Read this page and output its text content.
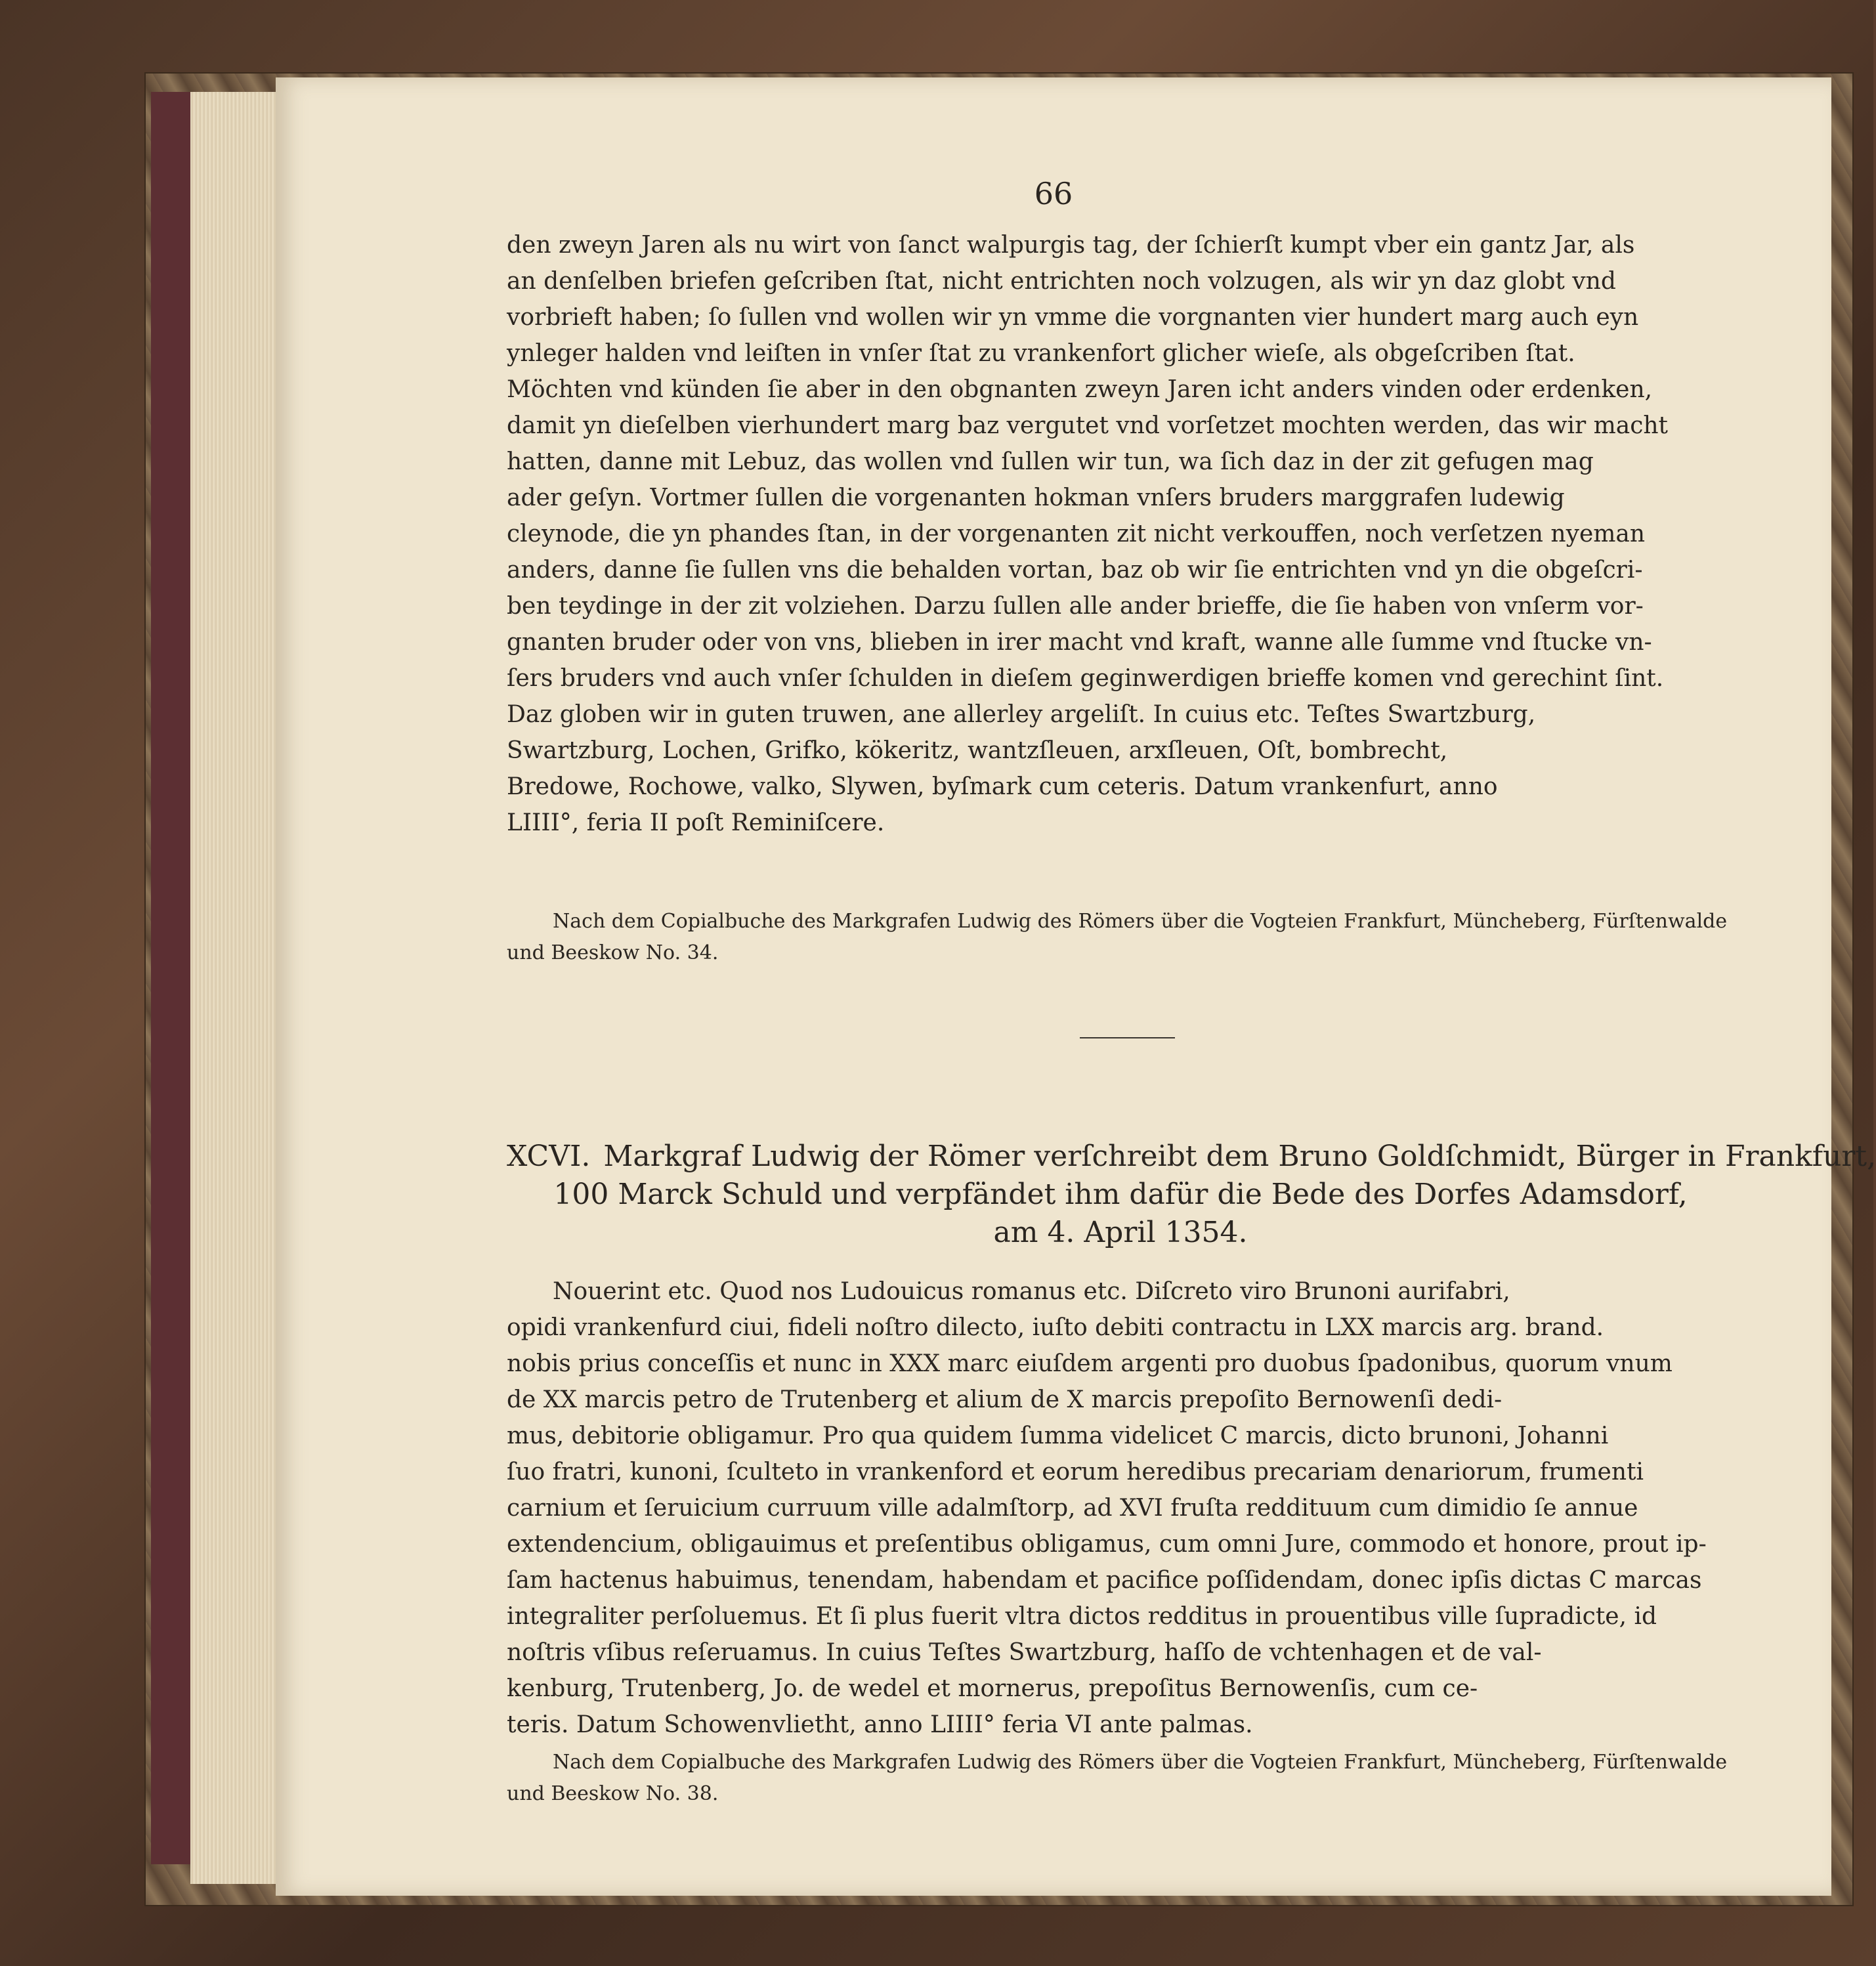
66
den zweyn Jaren als nu wirt von ſanct walpurgis tag, der ſchierſt kumpt vber ein gantz Jar, als
an denſelben briefen geſcriben ſtat, nicht entrichten noch volzugen, als wir yn daz globt vnd
vorbrieft haben; ſo ſullen vnd wollen wir yn vmme die vorgnanten vier hundert marg auch eyn
ynleger halden vnd leiſten in vnſer ſtat zu vrankenfort glicher wieſe, als obgeſcriben ſtat.
Möchten vnd künden ſie aber in den obgnanten zweyn Jaren icht anders vinden oder erdenken,
damit yn dieſelben vierhundert marg baz vergutet vnd vorſetzet mochten werden, das wir macht
hatten, danne mit Lebuz, das wollen vnd ſullen wir tun, wa ſich daz in der zit gefugen mag
ader geſyn. Vortmer ſullen die vorgenanten hokman vnſers bruders marggrafen ludewig
cleynode, die yn phandes ſtan, in der vorgenanten zit nicht verkouffen, noch verſetzen nyeman
anders, danne ſie ſullen vns die behalden vortan, baz ob wir ſie entrichten vnd yn die obgeſcri-
ben teydinge in der zit volziehen. Darzu ſullen alle ander brieffe, die ſie haben von vnſerm vor-
gnanten bruder oder von vns, blieben in irer macht vnd kraft, wanne alle ſumme vnd ſtucke vn-
ſers bruders vnd auch vnſer ſchulden in dieſem geginwerdigen brieffe komen vnd gerechint ſint.
Daz globen wir in guten truwen, ane allerley argeliſt. In cuius etc. Teſtes Swartzburg,
Swartzburg, Lochen, Grifko, kökeritz, wantzſleuen, arxſleuen, Oſt, bombrecht,
Bredowe, Rochowe, valko, Slywen, byſmark cum ceteris. Datum vrankenfurt, anno
LIIII°, feria II poſt Reminiſcere.
Nach dem Copialbuche des Markgrafen Ludwig des Römers über die Vogteien Frankfurt, Müncheberg, Fürſtenwalde
und Beeskow No. 34.
XCVI. Markgraf Ludwig der Römer verſchreibt dem Bruno Goldſchmidt, Bürger in Frankfurt,
100 Marck Schuld und verpfändet ihm dafür die Bede des Dorfes Adamsdorf,
am 4. April 1354.
Nouerint etc. Quod nos Ludouicus romanus etc. Diſcreto viro Brunoni aurifabri,
opidi vrankenfurd ciui, fideli noſtro dilecto, iuſto debiti contractu in LXX marcis arg. brand.
nobis prius conceſſis et nunc in XXX marc eiuſdem argenti pro duobus ſpadonibus, quorum vnum
de XX marcis petro de Trutenberg et alium de X marcis prepoſito Bernowenſi dedi-
mus, debitorie obligamur. Pro qua quidem ſumma videlicet C marcis, dicto brunoni, Johanni
ſuo fratri, kunoni, ſculteto in vrankenford et eorum heredibus precariam denariorum, frumenti
carnium et ſeruicium curruum ville adalmſtorp, ad XVI fruſta reddituum cum dimidio ſe annue
extendencium, obligauimus et preſentibus obligamus, cum omni Jure, commodo et honore, prout ip-
ſam hactenus habuimus, tenendam, habendam et pacifice poſſidendam, donec ipſis dictas C marcas
integraliter perſoluemus. Et ſi plus fuerit vltra dictos redditus in prouentibus ville ſupradicte, id
noſtris vſibus reſeruamus. In cuius Teſtes Swartzburg, haſſo de vchtenhagen et de val-
kenburg, Trutenberg, Jo. de wedel et mornerus, prepoſitus Bernowenſis, cum ce-
teris. Datum Schowenvlietht, anno LIIII° feria VI ante palmas.
Nach dem Copialbuche des Markgrafen Ludwig des Römers über die Vogteien Frankfurt, Müncheberg, Fürſtenwalde
und Beeskow No. 38.
